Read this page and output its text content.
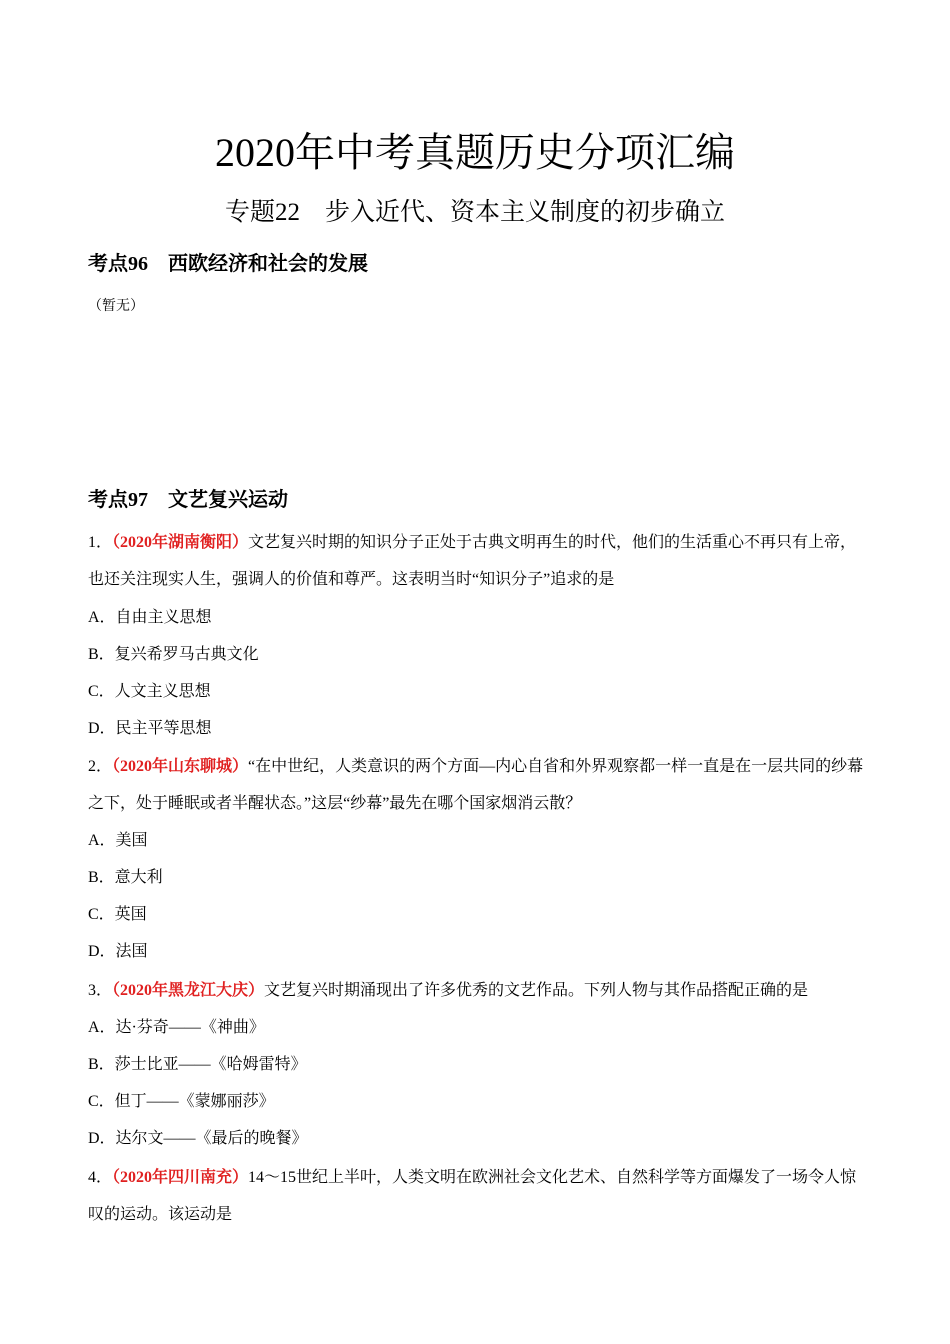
2020年中考真题历史分项汇编
专题22　步入近代、资本主义制度的初步确立
考点96　西欧经济和社会的发展
（暂无）
考点97　文艺复兴运动
1．（2020年湖南衡阳）文艺复兴时期的知识分子正处于古典文明再生的时代，他们的生活重心不再只有上帝，也还关注现实人生，强调人的价值和尊严。这表明当时“知识分子”追求的是
A．自由主义思想
B．复兴希罗马古典文化
C．人文主义思想
D．民主平等思想
2．（2020年山东聊城）“在中世纪，人类意识的两个方面—内心自省和外界观察都一样一直是在一层共同的纱幕之下，处于睡眠或者半醒状态。”这层“纱幕”最先在哪个国家烟消云散？
A．美国
B．意大利
C．英国
D．法国
3．（2020年黑龙江大庆）文艺复兴时期涌现出了许多优秀的文艺作品。下列人物与其作品搭配正确的是
A．达·芬奇——《神曲》
B．莎士比亚——《哈姆雷特》
C．但丁——《蒙娜丽莎》
D．达尔文——《最后的晚餐》
4．（2020年四川南充）14～15世纪上半叶，人类文明在欧洲社会文化艺术、自然科学等方面爆发了一场令人惊叹的运动。该运动是
